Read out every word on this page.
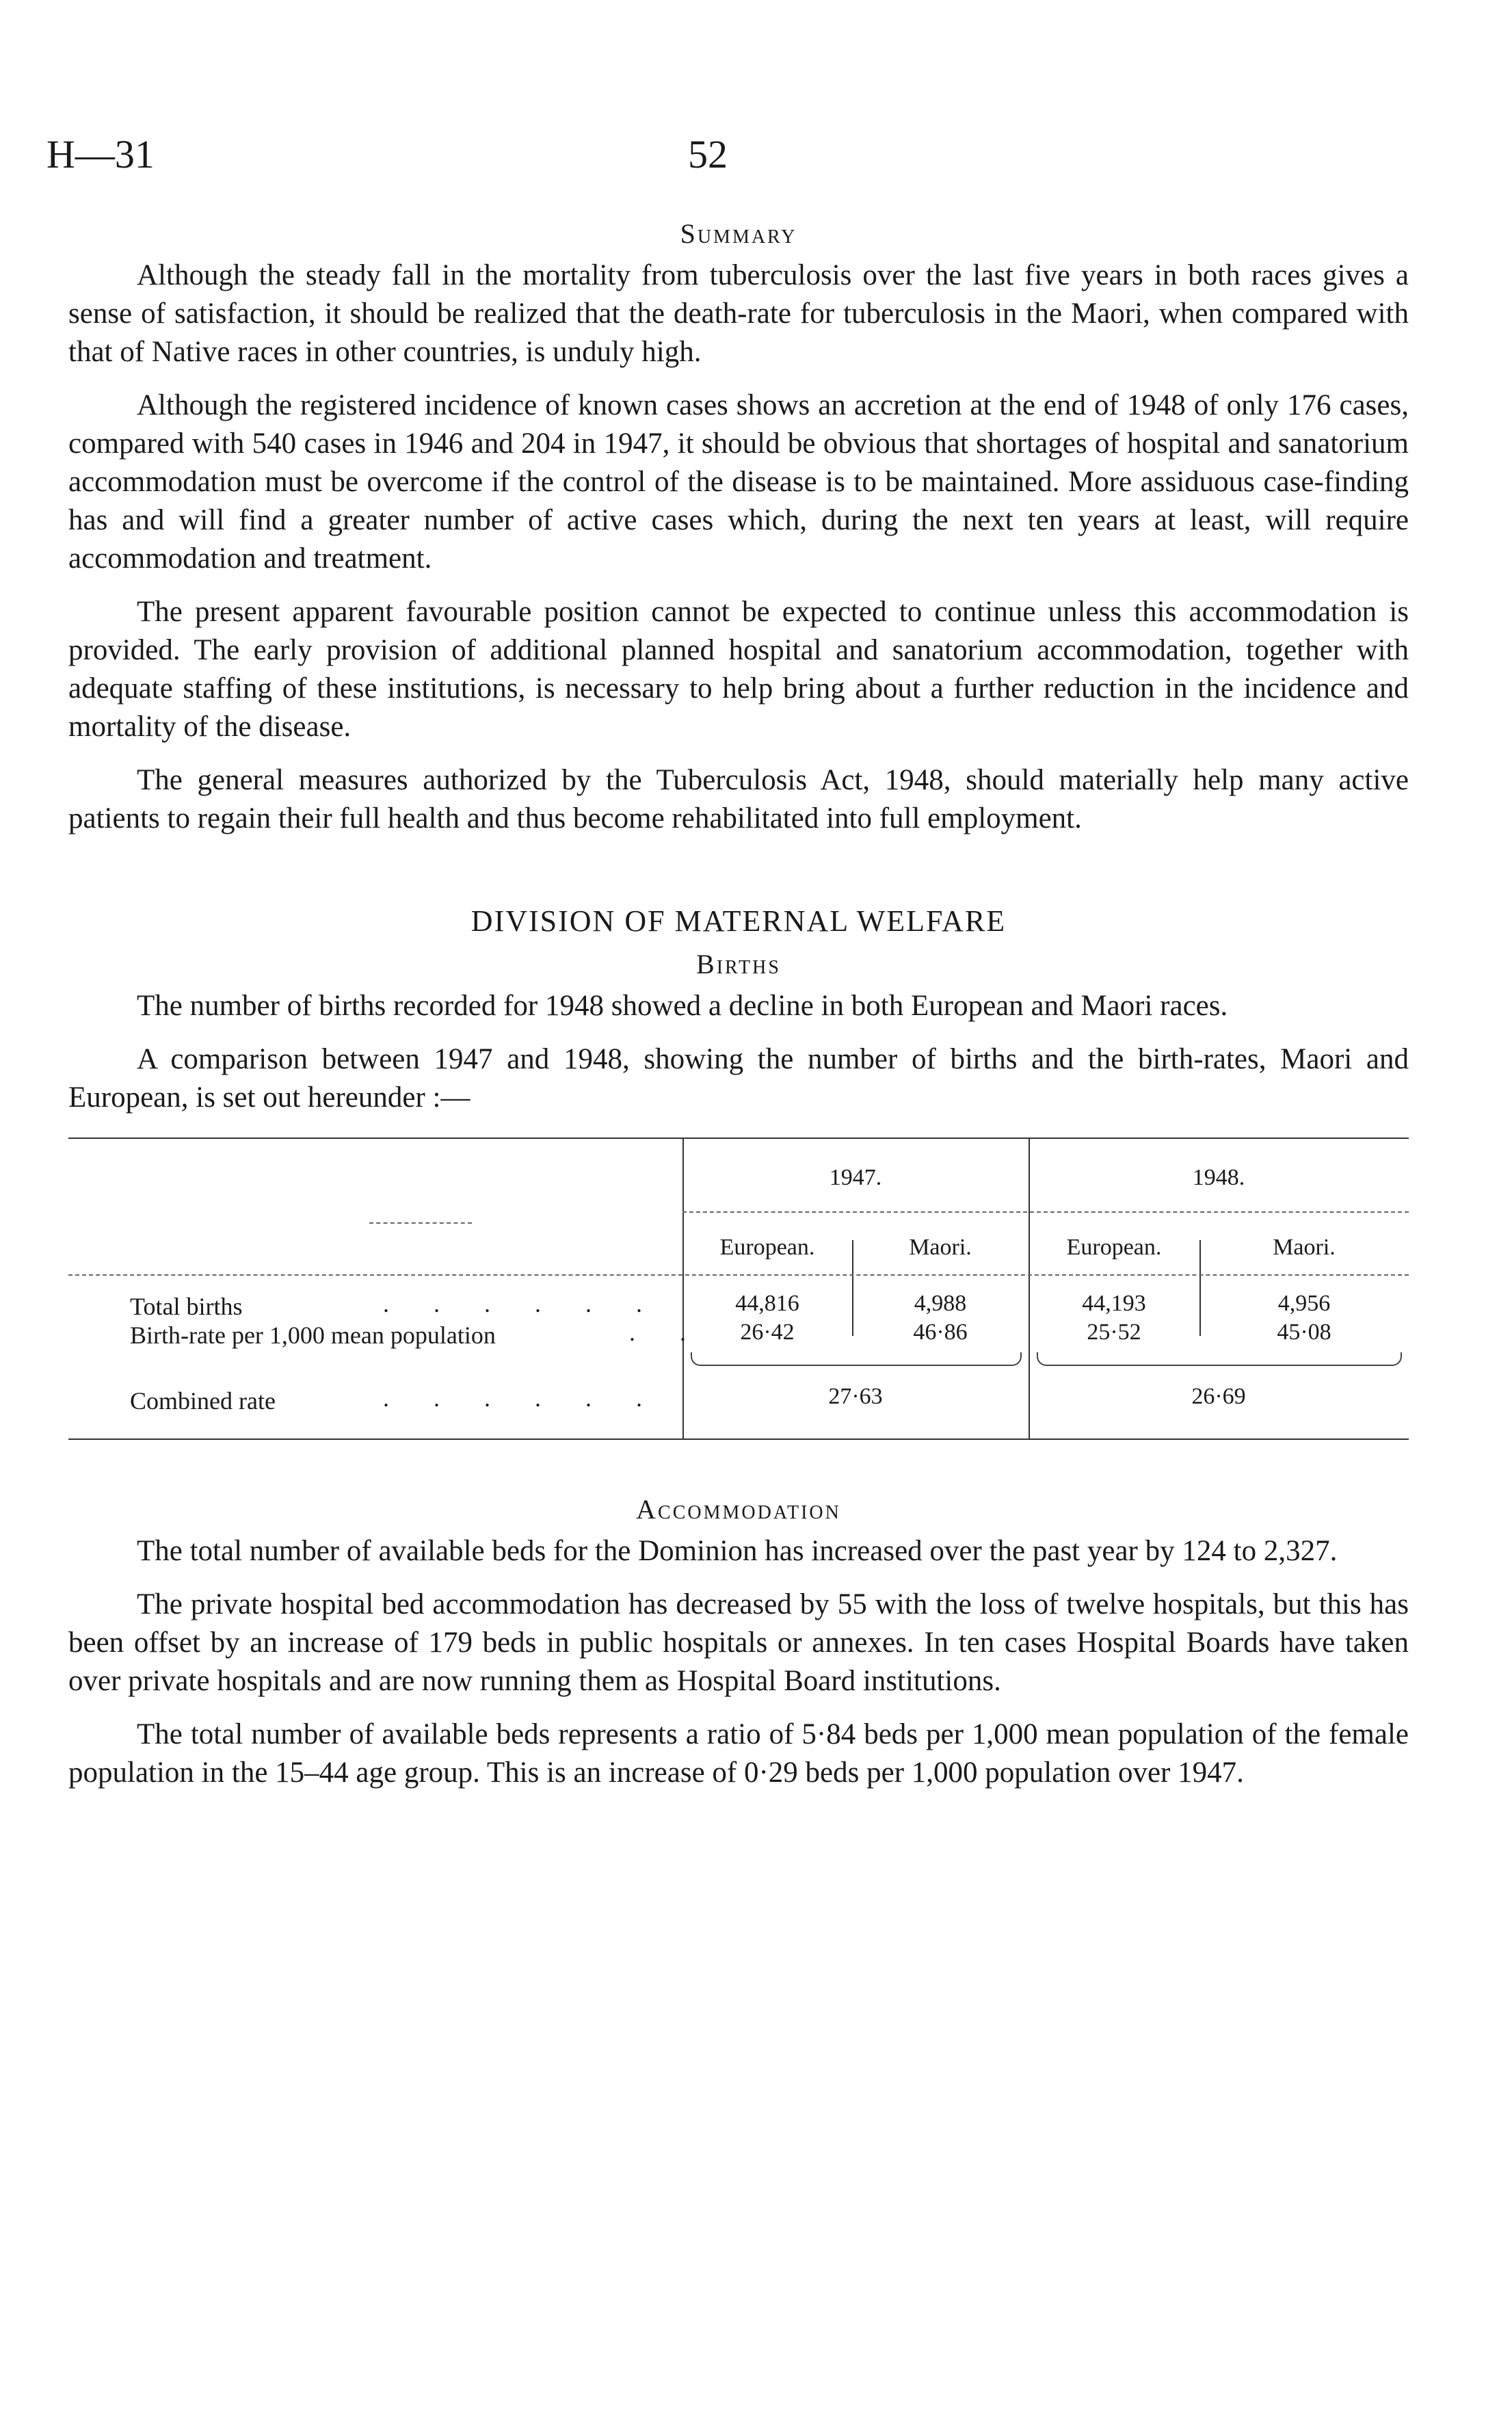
H—31	52
Summary

Although the steady fall in the mortality from tuberculosis over the last five years in both races gives a sense of satisfaction, it should be realized that the death-rate for tuberculosis in the Maori, when compared with that of Native races in other countries, is unduly high.

Although the registered incidence of known cases shows an accretion at the end of 1948 of only 176 cases, compared with 540 cases in 1946 and 204 in 1947, it should be obvious that shortages of hospital and sanatorium accommodation must be overcome if the control of the disease is to be maintained. More assiduous case-finding has and will find a greater number of active cases which, during the next ten years at least, will require accommodation and treatment.

The present apparent favourable position cannot be expected to continue unless this accommodation is provided. The early provision of additional planned hospital and sanatorium accommodation, together with adequate staffing of these institutions, is necessary to help bring about a further reduction in the incidence and mortality of the disease.

The general measures authorized by the Tuberculosis Act, 1948, should materially help many active patients to regain their full health and thus become rehabilitated into full employment.

DIVISION OF MATERNAL WELFARE
Births

The number of births recorded for 1948 showed a decline in both European and Maori races.

A comparison between 1947 and 1948, showing the number of births and the birth-rates, Maori and European, is set out hereunder :—

1947.	1948.
European.	Maori.	European.	Maori.
Total births	. . . . . .	44,816	4,988	44,193	4,956
Birth-rate per 1,000 mean population	. .	26·42	46·86	25·52	45·08
Combined rate	. . . . . .	27·63	26·69
Accommodation

The total number of available beds for the Dominion has increased over the past year by 124 to 2,327.

The private hospital bed accommodation has decreased by 55 with the loss of twelve hospitals, but this has been offset by an increase of 179 beds in public hospitals or annexes. In ten cases Hospital Boards have taken over private hospitals and are now running them as Hospital Board institutions.

The total number of available beds represents a ratio of 5·84 beds per 1,000 mean population of the female population in the 15–44 age group. This is an increase of 0·29 beds per 1,000 population over 1947.
